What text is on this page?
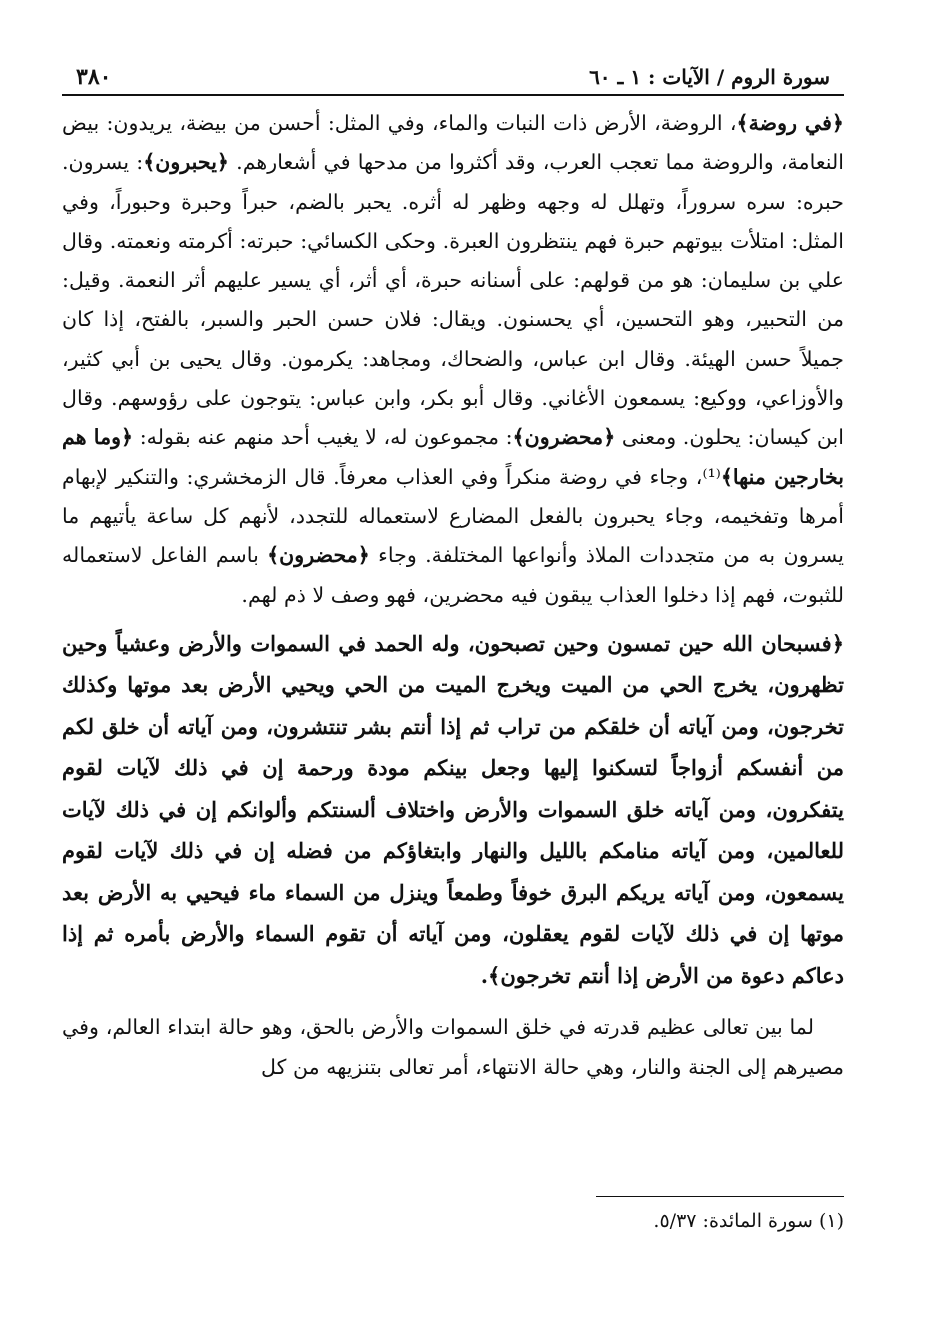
سورة الروم / الآيات : ١ ـ ٦٠
٣٨٠

﴿في روضة﴾، الروضة، الأرض ذات النبات والماء، وفي المثل: أحسن من بيضة، يريدون: بيض النعامة، والروضة مما تعجب العرب، وقد أكثروا من مدحها في أشعارهم. ﴿يحبرون﴾: يسرون. حبره: سره سروراً، وتهلل له وجهه وظهر له أثره. يحبر بالضم، حبراً وحبرة وحبوراً، وفي المثل: امتلأت بيوتهم حبرة فهم ينتظرون العبرة. وحكى الكسائي: حبرته: أكرمته ونعمته. وقال علي بن سليمان: هو من قولهم: على أسنانه حبرة، أي أثر، أي يسير عليهم أثر النعمة. وقيل: من التحبير، وهو التحسين، أي يحسنون. ويقال: فلان حسن الحبر والسبر، بالفتح، إذا كان جميلاً حسن الهيئة. وقال ابن عباس، والضحاك، ومجاهد: يكرمون. وقال يحيى بن أبي كثير، والأوزاعي، ووكيع: يسمعون الأغاني. وقال أبو بكر، وابن عباس: يتوجون على رؤوسهم. وقال ابن كيسان: يحلون. ومعنى ﴿محضرون﴾: مجموعون له، لا يغيب أحد منهم عنه بقوله: ﴿وما هم بخارجين منها﴾⁽¹⁾، وجاء في روضة منكراً وفي العذاب معرفاً. قال الزمخشري: والتنكير لإبهام أمرها وتفخيمه، وجاء يحبرون بالفعل المضارع لاستعماله للتجدد، لأنهم كل ساعة يأتيهم ما يسرون به من متجددات الملاذ وأنواعها المختلفة. وجاء ﴿محضرون﴾ باسم الفاعل لاستعماله للثبوت، فهم إذا دخلوا العذاب يبقون فيه محضرين، فهو وصف لا ذم لهم.

﴿فسبحان الله حين تمسون وحين تصبحون، وله الحمد في السموات والأرض وعشياً وحين تظهرون، يخرج الحي من الميت ويخرج الميت من الحي ويحيي الأرض بعد موتها وكذلك تخرجون، ومن آياته أن خلقكم من تراب ثم إذا أنتم بشر تنتشرون، ومن آياته أن خلق لكم من أنفسكم أزواجاً لتسكنوا إليها وجعل بينكم مودة ورحمة إن في ذلك لآيات لقوم يتفكرون، ومن آياته خلق السموات والأرض واختلاف ألسنتكم وألوانكم إن في ذلك لآيات للعالمين، ومن آياته منامكم بالليل والنهار وابتغاؤكم من فضله إن في ذلك لآيات لقوم يسمعون، ومن آياته يريكم البرق خوفاً وطمعاً وينزل من السماء ماء فيحيي به الأرض بعد موتها إن في ذلك لآيات لقوم يعقلون، ومن آياته أن تقوم السماء والأرض بأمره ثم إذا دعاكم دعوة من الأرض إذا أنتم تخرجون﴾.

لما بين تعالى عظيم قدرته في خلق السموات والأرض بالحق، وهو حالة ابتداء العالم، وفي مصيرهم إلى الجنة والنار، وهي حالة الانتهاء، أمر تعالى بتنزيهه من كل

(١) سورة المائدة: ٥/٣٧.
